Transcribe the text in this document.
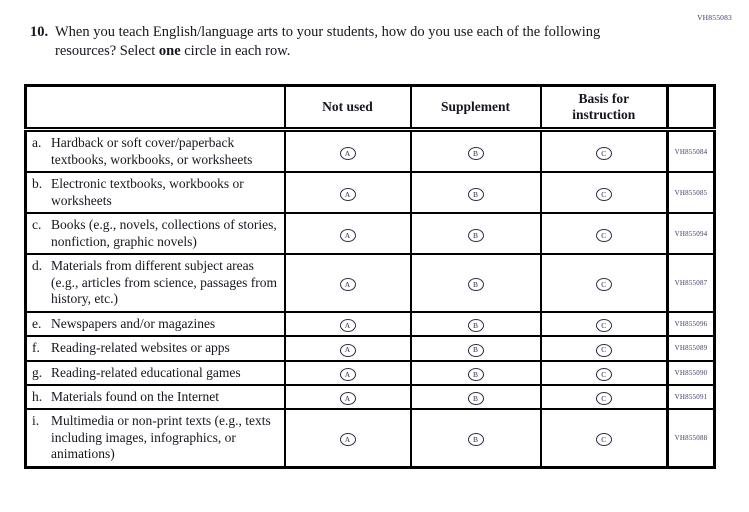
VH855083
10. When you teach English/language arts to your students, how do you use each of the following resources? Select one circle in each row.
	Not used	Supplement	Basis for instruction	

a. Hardback or soft cover/paperback textbooks, workbooks, or worksheets	A	B	C	VH855084

b. Electronic textbooks, workbooks or worksheets	A	B	C	VH855085

c. Books (e.g., novels, collections of stories, nonfiction, graphic novels)	A	B	C	VH855094

d. Materials from different subject areas (e.g., articles from science, passages from history, etc.)	A	B	C	VH855087

e. Newspapers and/or magazines	A	B	C	VH855096

f. Reading-related websites or apps	A	B	C	VH855089

g. Reading-related educational games	A	B	C	VH855090

h. Materials found on the Internet	A	B	C	VH855091

i. Multimedia or non-print texts (e.g., texts including images, infographics, or animations)	A	B	C	VH855088
